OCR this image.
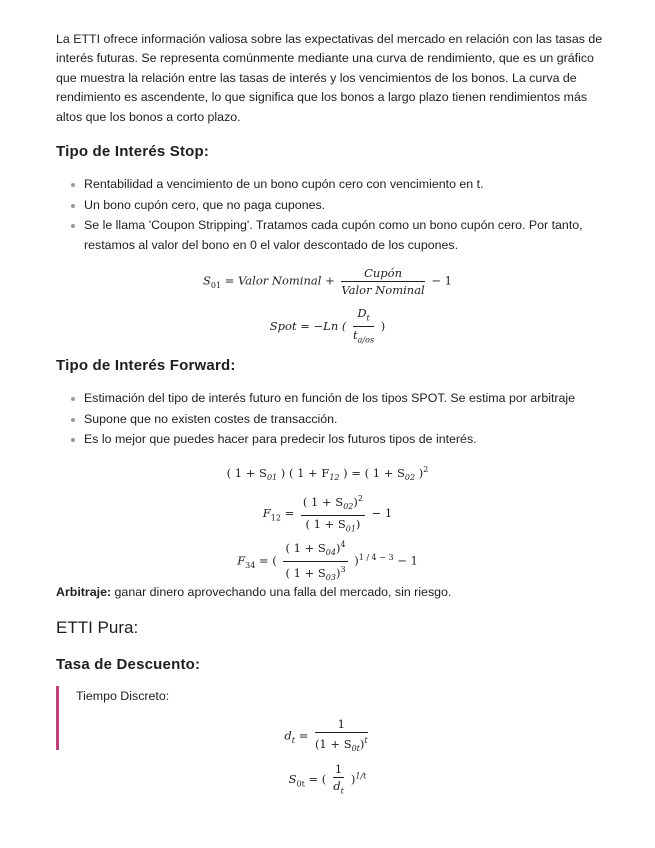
La ETTI ofrece información valiosa sobre las expectativas del mercado en relación con las tasas de interés futuras. Se representa comúnmente mediante una curva de rendimiento, que es un gráfico que muestra la relación entre las tasas de interés y los vencimientos de los bonos. La curva de rendimiento es ascendente, lo que significa que los bonos a largo plazo tienen rendimientos más altos que los bonos a corto plazo.

Tipo de Interés Stop:
Rentabilidad a vencimiento de un bono cupón cero con vencimiento en t.
Un bono cupón cero, que no paga cupones.
Se le llama 'Coupon Stripping'. Tratamos cada cupón como un bono cupón cero. Por tanto, restamos al valor del bono en 0 el valor descontado de los cupones.
$S_{01}$ = Valor Nominal + $\frac{\text{Cupón}}{\text{Valor Nominal}} - 1$
Spot = −Ln ( $\frac{D_t}{t_{a/os}}$ )
Tipo de Interés Forward:
Estimación del tipo de interés futuro en función de los tipos SPOT. Se estima por arbitraje
Supone que no existen costes de transacción.
Es lo mejor que puedes hacer para predecir los futuros tipos de interés.
( $1 + S_{01}$ ) ( $1 + F_{12}$ ) = ( $1 + S_{02}$ )$^2$
$F_{12} = \frac{( 1 + S_{02})^2}{( 1 + S_{01})} - 1$
$F_{34}$ = ( $\frac{( 1 + S_{04})^4}{( 1 + S_{03})^3} )^{1 / 4 - 3} - 1$
Arbitraje: ganar dinero aprovechando una falla del mercado, sin riesgo.
ETTI Pura:
Tasa de Descuento:
Tiempo Discreto:
$d_t = \frac{1}{(1 + S_{0t})^t}$
$S_{0t}$ = ( $\frac{1}{d_t} )^{1/t}$
